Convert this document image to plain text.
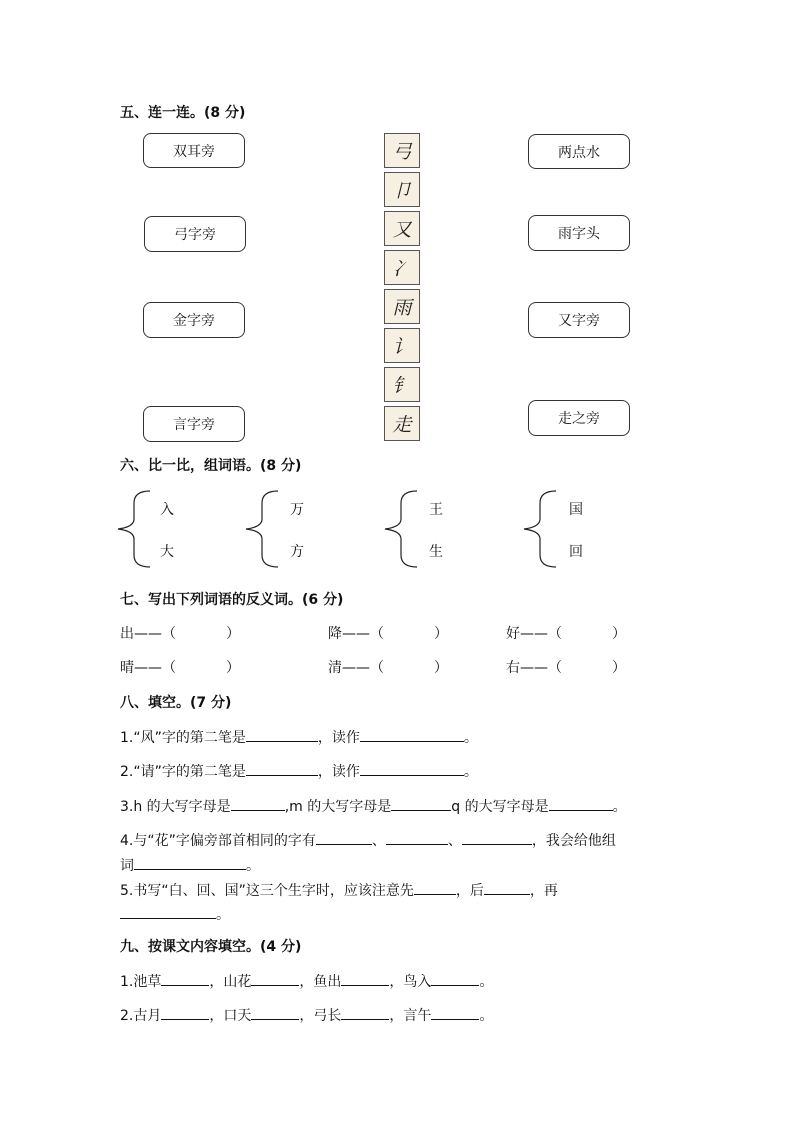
五、连一连。(8 分)
双耳旁
弓字旁
金字旁
言字旁
弓
卩
又
冫
雨
讠
钅
走
两点水
雨字头
又字旁
走之旁
六、比一比，组词语。(8 分)
入
大
万
方
王
生
国
回
七、写出下列词语的反义词。(6 分)
出——（	）	降——（	）	好——（	）
晴——（	）	清——（	）	右——（	）
八、填空。(7 分)
1.“风”字的第二笔是	，读作	。
2.“请”字的第二笔是	，读作	。
3.h 的大写字母是	,m 的大写字母是	q 的大写字母是	。
4.与“花”字偏旁部首相同的字有	、	、	，我会给他组
词	。
5.书写“白、回、国”这三个生字时，应该注意先	，后	，再
。
九、按课文内容填空。(4 分)
1.池草	，山花	，鱼出	，鸟入	。
2.古月	，口天	，弓长	，言午	。
